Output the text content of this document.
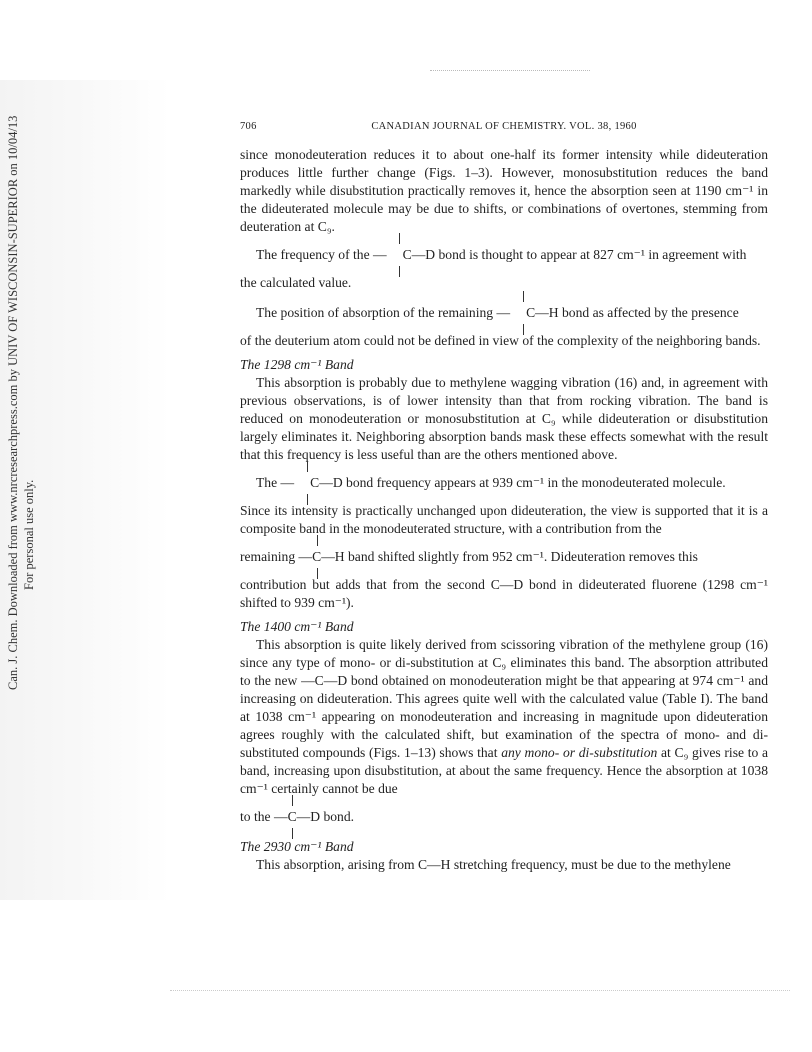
Can. J. Chem. Downloaded from www.nrcresearchpress.com by UNIV OF WISCONSIN-SUPERIOR on 10/04/13 For personal use only.
706	CANADIAN JOURNAL OF CHEMISTRY. VOL. 38, 1960

since monodeuteration reduces it to about one-half its former intensity while dideuteration produces little further change (Figs. 1–3). However, monosubstitution reduces the band markedly while disubstitution practically removes it, hence the absorption seen at 1190 cm⁻¹ in the dideuterated molecule may be due to shifts, or combinations of overtones, stemming from deuteration at C₉.

The frequency of the — C
—D bond is thought to appear at 827 cm⁻¹ in agreement with

the calculated value.

The position of absorption of the remaining — C
—H bond as affected by the presence

of the deuterium atom could not be defined in view of the complexity of the neighboring bands.

The 1298 cm⁻¹ Band

This absorption is probably due to methylene wagging vibration (16) and, in agreement with previous observations, is of lower intensity than that from rocking vibration. The band is reduced on monodeuteration or monosubstitution at C₉ while dideuteration or disubstitution largely eliminates it. Neighboring absorption bands mask these effects somewhat with the result that this frequency is less useful than are the others mentioned above.

The — C
—D bond frequency appears at 939 cm⁻¹ in the monodeuterated molecule.

Since its intensity is practically unchanged upon dideuteration, the view is supported that it is a composite band in the monodeuterated structure, with a contribution from the

remaining —
C
—H band shifted slightly from 952 cm⁻¹. Dideuteration removes this

contribution but adds that from the second C—D bond in dideuterated fluorene (1298 cm⁻¹ shifted to 939 cm⁻¹).

The 1400 cm⁻¹ Band

This absorption is quite likely derived from scissoring vibration of the methylene group (16) since any type of mono- or di-substitution at C₉ eliminates this band. The absorption attributed to the new —C—D bond obtained on monodeuteration might be that appearing at 974 cm⁻¹ and increasing on dideuteration. This agrees quite well with the calculated value (Table I). The band at 1038 cm⁻¹ appearing on monodeuteration and increasing in magnitude upon dideuteration agrees roughly with the calculated shift, but examination of the spectra of mono- and di-substituted compounds (Figs. 1–13) shows that any mono- or di-substitution at C₉ gives rise to a band, increasing upon disubstitution, at about the same frequency. Hence the absorption at 1038 cm⁻¹ certainly cannot be due

to the —
C
—D bond.

The 2930 cm⁻¹ Band

This absorption, arising from C—H stretching frequency, must be due to the methylene
